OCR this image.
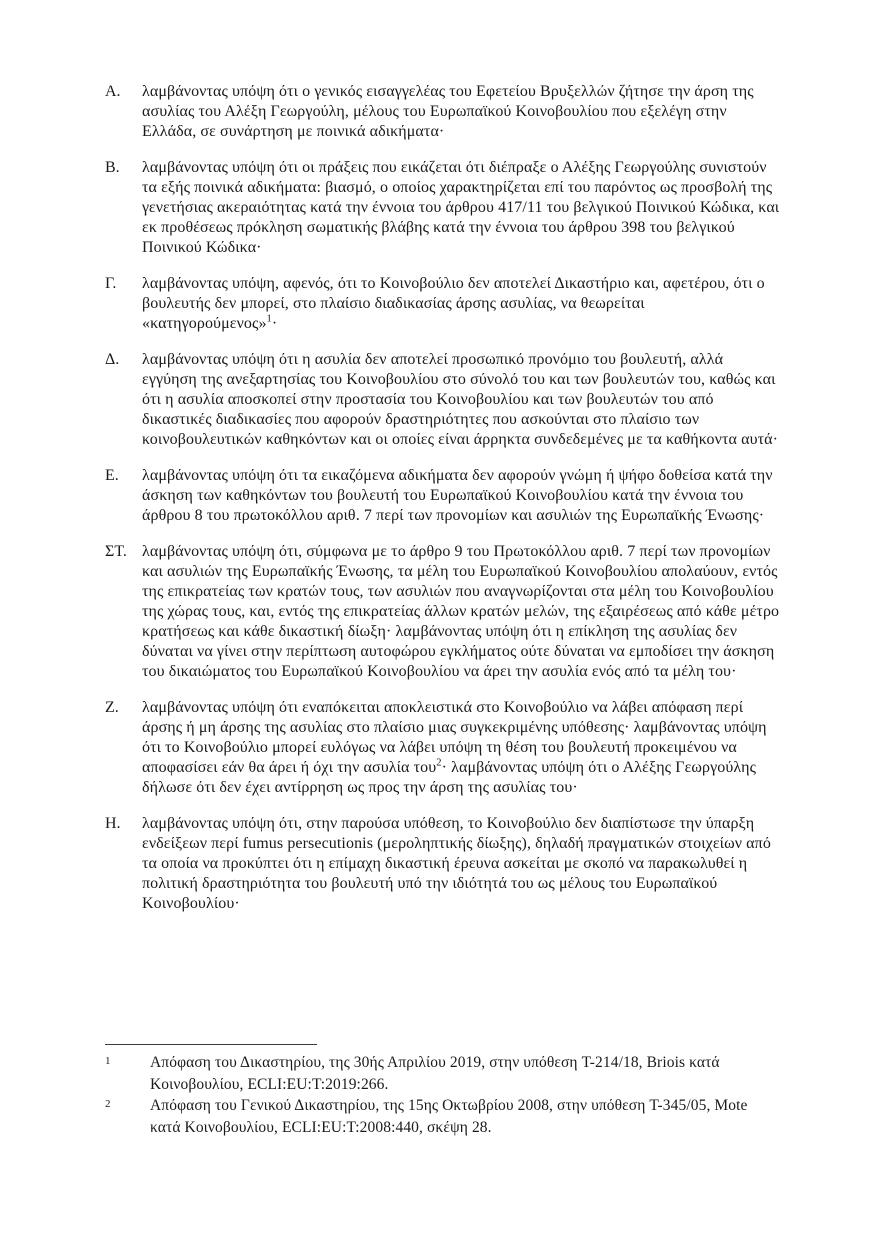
Α.	λαμβάνοντας υπόψη ότι ο γενικός εισαγγελέας του Εφετείου Βρυξελλών ζήτησε την άρση της ασυλίας του Αλέξη Γεωργούλη, μέλους του Ευρωπαϊκού Κοινοβουλίου που εξελέγη στην Ελλάδα, σε συνάρτηση με ποινικά αδικήματα·

Β.	λαμβάνοντας υπόψη ότι οι πράξεις που εικάζεται ότι διέπραξε ο Αλέξης Γεωργούλης συνιστούν τα εξής ποινικά αδικήματα: βιασμό, ο οποίος χαρακτηρίζεται επί του παρόντος ως προσβολή της γενετήσιας ακεραιότητας κατά την έννοια του άρθρου 417/11 του βελγικού Ποινικού Κώδικα, και εκ προθέσεως πρόκληση σωματικής βλάβης κατά την έννοια του άρθρου 398 του βελγικού Ποινικού Κώδικα·

Γ.	λαμβάνοντας υπόψη, αφενός, ότι το Κοινοβούλιο δεν αποτελεί Δικαστήριο και, αφετέρου, ότι ο βουλευτής δεν μπορεί, στο πλαίσιο διαδικασίας άρσης ασυλίας, να θεωρείται «κατηγορούμενος»$^1$·

Δ.	λαμβάνοντας υπόψη ότι η ασυλία δεν αποτελεί προσωπικό προνόμιο του βουλευτή, αλλά εγγύηση της ανεξαρτησίας του Κοινοβουλίου στο σύνολό του και των βουλευτών του, καθώς και ότι η ασυλία αποσκοπεί στην προστασία του Κοινοβουλίου και των βουλευτών του από δικαστικές διαδικασίες που αφορούν δραστηριότητες που ασκούνται στο πλαίσιο των κοινοβουλευτικών καθηκόντων και οι οποίες είναι άρρηκτα συνδεδεμένες με τα καθήκοντα αυτά·

Ε.	λαμβάνοντας υπόψη ότι τα εικαζόμενα αδικήματα δεν αφορούν γνώμη ή ψήφο δοθείσα κατά την άσκηση των καθηκόντων του βουλευτή του Ευρωπαϊκού Κοινοβουλίου κατά την έννοια του άρθρου 8 του πρωτοκόλλου αριθ. 7 περί των προνομίων και ασυλιών της Ευρωπαϊκής Ένωσης·

ΣΤ. λαμβάνοντας υπόψη ότι, σύμφωνα με το άρθρο 9 του Πρωτοκόλλου αριθ. 7 περί των προνομίων και ασυλιών της Ευρωπαϊκής Ένωσης, τα μέλη του Ευρωπαϊκού Κοινοβουλίου απολαύουν, εντός της επικρατείας των κρατών τους, των ασυλιών που αναγνωρίζονται στα μέλη του Κοινοβουλίου της χώρας τους, και, εντός της επικρατείας άλλων κρατών μελών, της εξαιρέσεως από κάθε μέτρο κρατήσεως και κάθε δικαστική δίωξη· λαμβάνοντας υπόψη ότι η επίκληση της ασυλίας δεν δύναται να γίνει στην περίπτωση αυτοφώρου εγκλήματος ούτε δύναται να εμποδίσει την άσκηση του δικαιώματος του Ευρωπαϊκού Κοινοβουλίου να άρει την ασυλία ενός από τα μέλη του·

Ζ.	λαμβάνοντας υπόψη ότι εναπόκειται αποκλειστικά στο Κοινοβούλιο να λάβει απόφαση περί άρσης ή μη άρσης της ασυλίας στο πλαίσιο μιας συγκεκριμένης υπόθεσης· λαμβάνοντας υπόψη ότι το Κοινοβούλιο μπορεί ευλόγως να λάβει υπόψη τη θέση του βουλευτή προκειμένου να αποφασίσει εάν θα άρει ή όχι την ασυλία του$^2$· λαμβάνοντας υπόψη ότι ο Αλέξης Γεωργούλης δήλωσε ότι δεν έχει αντίρρηση ως προς την άρση της ασυλίας του·

Η.	λαμβάνοντας υπόψη ότι, στην παρούσα υπόθεση, το Κοινοβούλιο δεν διαπίστωσε την ύπαρξη ενδείξεων περί fumus persecutionis (μεροληπτικής δίωξης), δηλαδή πραγματικών στοιχείων από τα οποία να προκύπτει ότι η επίμαχη δικαστική έρευνα ασκείται με σκοπό να παρακωλυθεί η πολιτική δραστηριότητα του βουλευτή υπό την ιδιότητά του ως μέλους του Ευρωπαϊκού Κοινοβουλίου·

1	Απόφαση του Δικαστηρίου, της 30ής Απριλίου 2019, στην υπόθεση T-214/18, Briois κατά Κοινοβουλίου, ECLI:EU:T:2019:266.

2	Απόφαση του Γενικού Δικαστηρίου, της 15ης Οκτωβρίου 2008, στην υπόθεση T-345/05, Mote κατά Κοινοβουλίου, ECLI:EU:T:2008:440, σκέψη 28.
